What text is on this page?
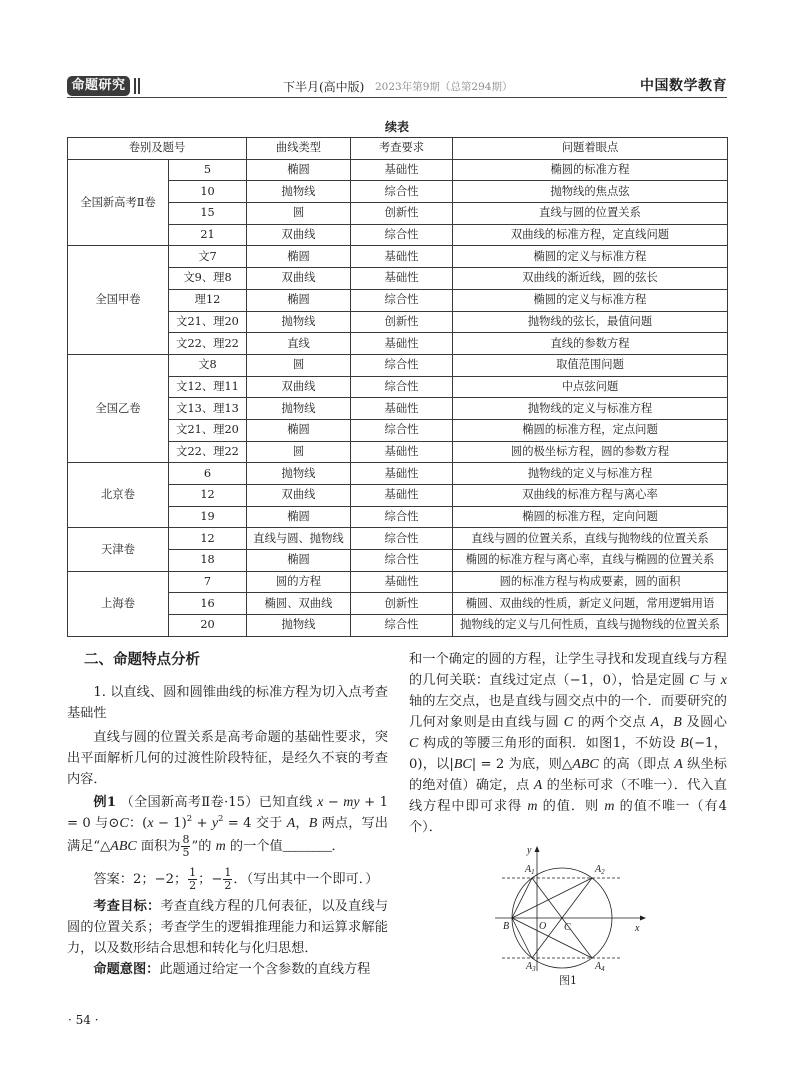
命题研究	下半月(高中版) 2023年第9期（总第294期）	中国数学教育
续表
卷别及题号		曲线类型	考查要求	问题着眼点
全国新高考Ⅱ卷	5	椭圆	基础性	椭圆的标准方程
	10	抛物线	综合性	抛物线的焦点弦
	15	圆	创新性	直线与圆的位置关系
	21	双曲线	综合性	双曲线的标准方程，定直线问题
全国甲卷	文7	椭圆	基础性	椭圆的定义与标准方程
	文9、理8	双曲线	基础性	双曲线的渐近线，圆的弦长
	理12	椭圆	综合性	椭圆的定义与标准方程
	文21、理20	抛物线	创新性	抛物线的弦长，最值问题
	文22、理22	直线	基础性	直线的参数方程
全国乙卷	文8	圆	综合性	取值范围问题
	文12、理11	双曲线	综合性	中点弦问题
	文13、理13	抛物线	基础性	抛物线的定义与标准方程
	文21、理20	椭圆	综合性	椭圆的标准方程，定点问题
	文22、理22	圆	基础性	圆的极坐标方程，圆的参数方程
北京卷	6	抛物线	基础性	抛物线的定义与标准方程
	12	双曲线	基础性	双曲线的标准方程与离心率
	19	椭圆	综合性	椭圆的标准方程，定向问题
天津卷	12	直线与圆、抛物线	综合性	直线与圆的位置关系，直线与抛物线的位置关系
	18	椭圆	综合性	椭圆的标准方程与离心率，直线与椭圆的位置关系
上海卷	7	圆的方程	基础性	圆的标准方程与构成要素，圆的面积
	16	椭圆、双曲线	创新性	椭圆、双曲线的性质，新定义问题，常用逻辑用语
	20	抛物线	综合性	抛物线的定义与几何性质，直线与抛物线的位置关系
二、命题特点分析

1. 以直线、圆和圆锥曲线的标准方程为切入点考查基础性

直线与圆的位置关系是高考命题的基础性要求，突出平面解析几何的过渡性阶段特征，是经久不衰的考查内容．

例1 （全国新高考Ⅱ卷·15）已知直线 x − my + 1 = 0 与⊙C：$(x - 1)^2 + y^2 = 4$ 交于 A，B 两点，写出满足“△ABC 面积为 $\frac{8}{5}$ ”的 m 的一个值________．

答案：2；−2； $\frac{1}{2}$ ；− $\frac{1}{2}$ ．（写出其中一个即可．）

考查目标：考查直线方程的几何表征，以及直线与圆的位置关系；考查学生的逻辑推理能力和运算求解能力，以及数形结合思想和转化与化归思想．

命题意图：此题通过给定一个含参数的直线方程

和一个确定的圆的方程，让学生寻找和发现直线与方程的几何关联：直线过定点（−1，0），恰是定圆 C 与 x 轴的左交点，也是直线与圆交点中的一个．而要研究的几何对象则是由直线与圆 C 的两个交点 A，B 及圆心 C 构成的等腰三角形的面积．如图1，不妨设 B(−1，0)，以|BC| = 2 为底，则△ABC 的高（即点 A 纵坐标的绝对值）确定，点 A 的坐标可求（不唯一）．代入直线方程中即可求得 m 的值．则 m 的值不唯一（有4个）．

y
x
O
B	C
$A_1$	$A_2$
$A_3$	$A_4$
图1
· 54 ·
